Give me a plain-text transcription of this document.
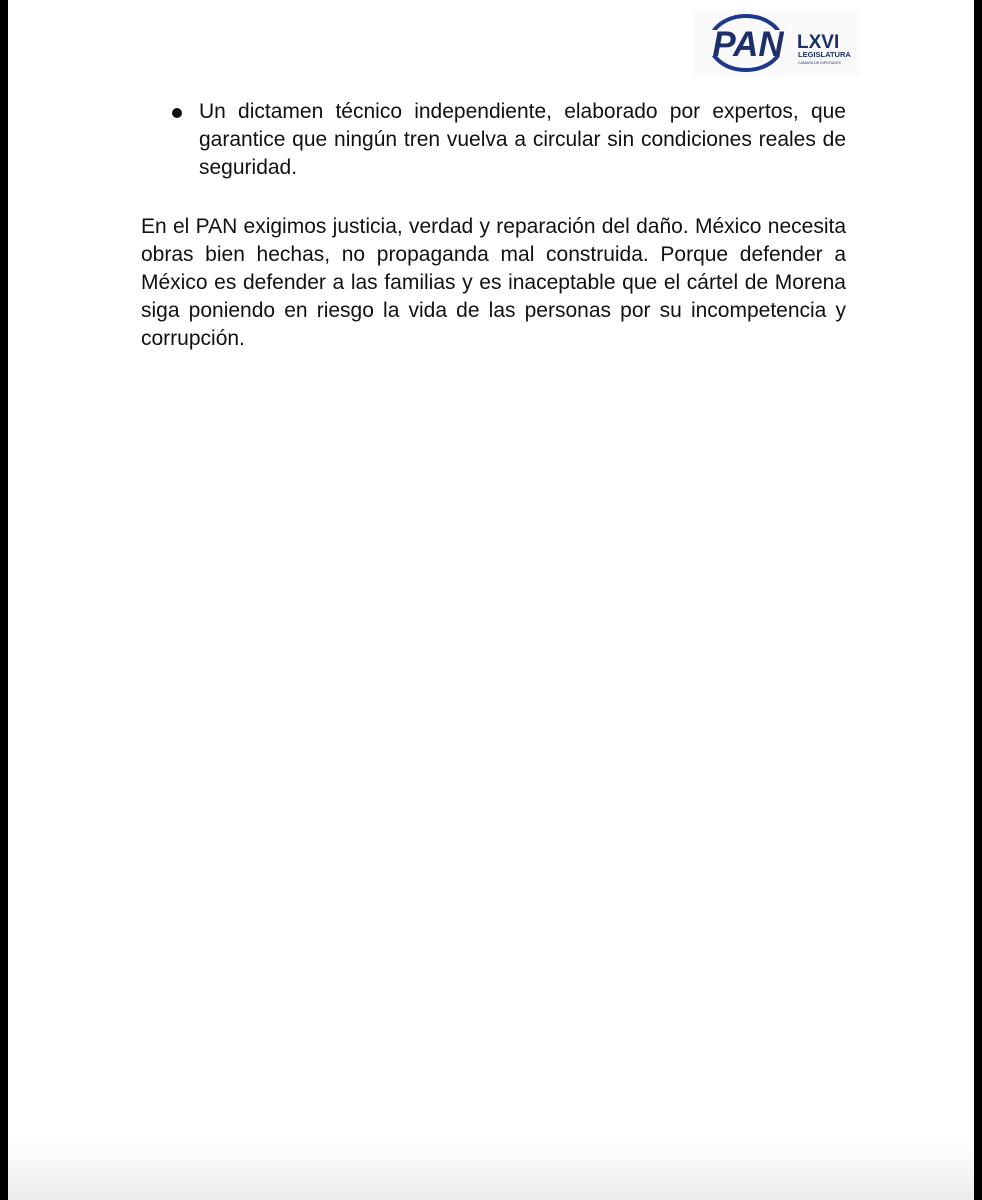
PAN LXVI
LEGISLATURA
CÁMARA DE DIPUTADOS
Un dictamen técnico independiente, elaborado por expertos, que garantice que ningún tren vuelva a circular sin condiciones reales de seguridad.

En el PAN exigimos justicia, verdad y reparación del daño. México necesita obras bien hechas, no propaganda mal construida. Porque defender a México es defender a las familias y es inaceptable que el cártel de Morena siga poniendo en riesgo la vida de las personas por su incompetencia y corrupción.
